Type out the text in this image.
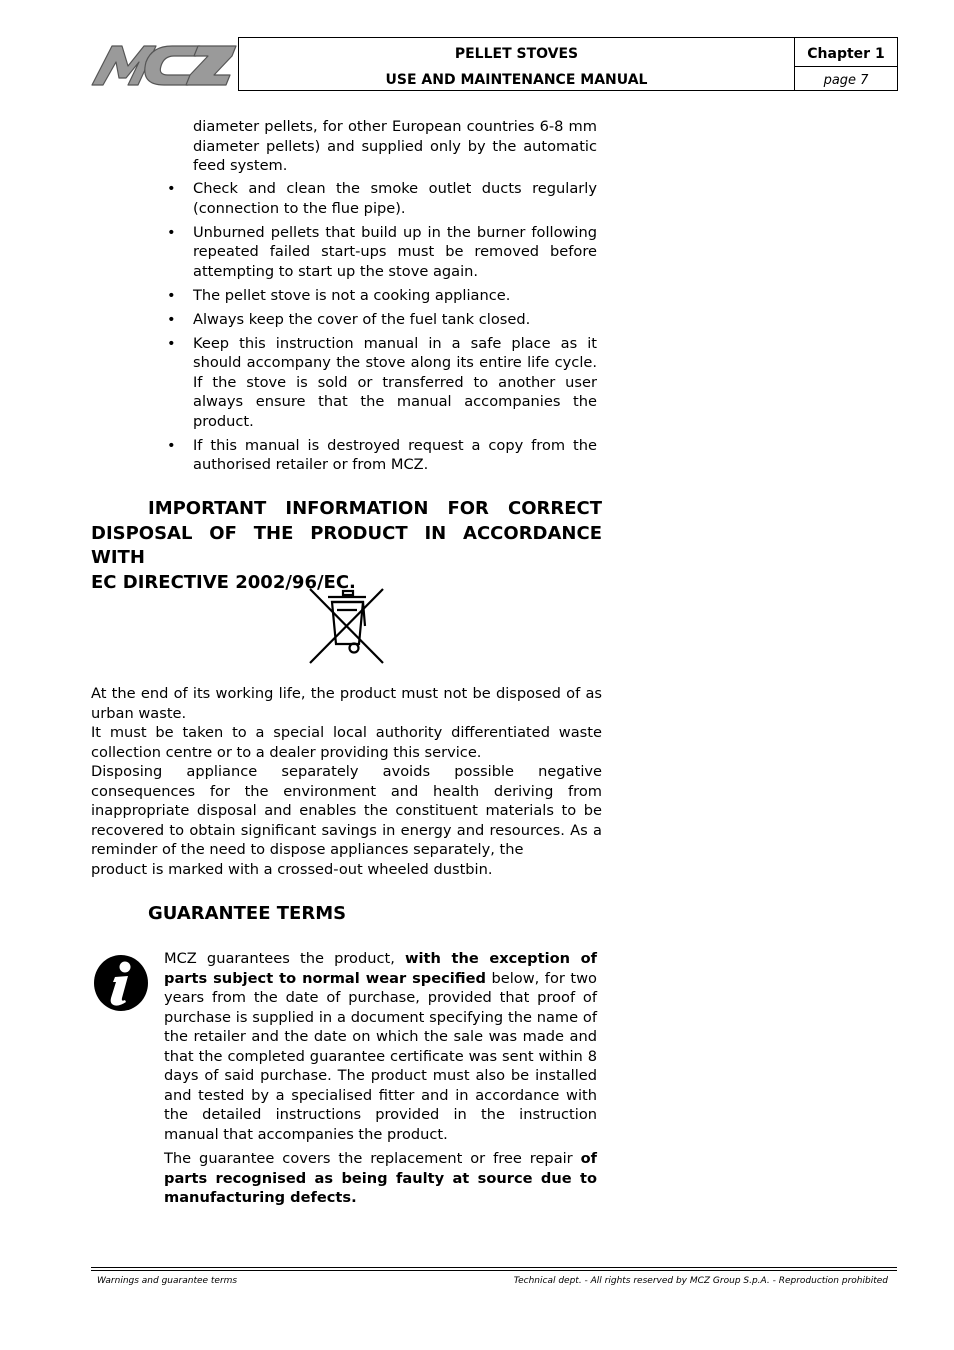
PELLET STOVES
USE AND MAINTENANCE MANUAL
Chapter 1
page 7
diameter pellets, for other European countries 6-8 mm diameter pellets) and supplied only by the automatic feed system.
• Check and clean the smoke outlet ducts regularly (connection to the flue pipe).
• Unburned pellets that build up in the burner following repeated failed start-ups must be removed before attempting to start up the stove again.
• The pellet stove is not a cooking appliance.
• Always keep the cover of the fuel tank closed.
• Keep this instruction manual in a safe place as it should accompany the stove along its entire life cycle. If the stove is sold or transferred to another user always ensure that the manual accompanies the product.
• If this manual is destroyed request a copy from the authorised retailer or from MCZ.
IMPORTANT INFORMATION FOR CORRECT
DISPOSAL OF THE PRODUCT IN ACCORDANCE WITH
EC DIRECTIVE 2002/96/EC.

At the end of its working life, the product must not be disposed of as urban waste.

It must be taken to a special local authority differentiated waste collection centre or to a dealer providing this service.

Disposing appliance separately avoids possible negative consequences for the environment and health deriving from inappropriate disposal and enables the constituent materials to be recovered to obtain significant savings in energy and resources. As a reminder of the need to dispose appliances separately, the

product is marked with a crossed-out wheeled dustbin.

GUARANTEE TERMS

MCZ guarantees the product, with the exception of parts subject to normal wear specified below, for two years from the date of purchase, provided that proof of purchase is supplied in a document specifying the name of the retailer and the date on which the sale was made and that the completed guarantee certificate was sent within 8 days of said purchase. The product must also be installed and tested by a specialised fitter and in accordance with the detailed instructions provided in the instruction manual that accompanies the product.

The guarantee covers the replacement or free repair of parts recognised as being faulty at source due to manufacturing defects.

Warnings and guarantee terms	Technical dept. - All rights reserved by MCZ Group S.p.A. - Reproduction prohibited
